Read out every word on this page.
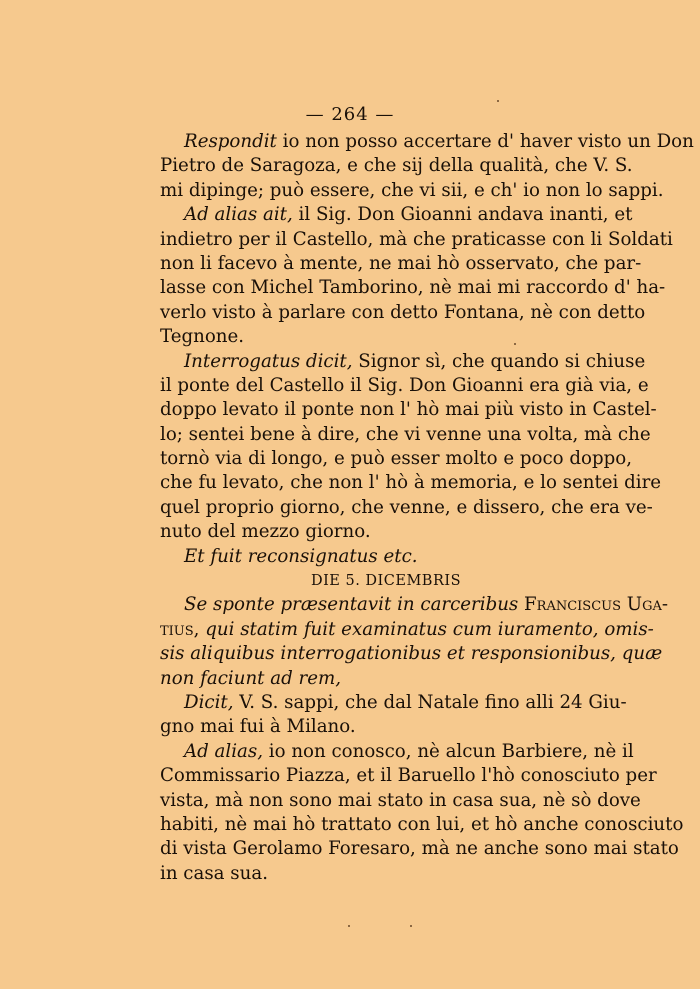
— 264 —
Respondit io non posso accertare d' haver visto un Don
Pietro de Saragoza, e che sij della qualità, che V. S.
mi dipinge; può essere, che vi sii, e ch' io non lo sappi.
Ad alias ait, il Sig. Don Gioanni andava inanti, et
indietro per il Castello, mà che praticasse con li Soldati
non li facevo à mente, ne mai hò osservato, che par-
lasse con Michel Tamborino, nè mai mi raccordo d' ha-
verlo visto à parlare con detto Fontana, nè con detto
Tegnone.
Interrogatus dicit, Signor sì, che quando si chiuse
il ponte del Castello il Sig. Don Gioanni era già via, e
doppo levato il ponte non l' hò mai più visto in Castel-
lo; sentei bene à dire, che vi venne una volta, mà che
tornò via di longo, e può esser molto e poco doppo,
che fu levato, che non l' hò à memoria, e lo sentei dire
quel proprio giorno, che venne, e dissero, che era ve-
nuto del mezzo giorno.
Et fuit reconsignatus etc.
DIE 5. DICEMBRIS
Se sponte præsentavit in carceribus Franciscus Uga-
tius, qui statim fuit examinatus cum iuramento, omis-
sis aliquibus interrogationibus et responsionibus, quæ
non faciunt ad rem,
Dicit, V. S. sappi, che dal Natale fino alli 24 Giu-
gno mai fui à Milano.
Ad alias, io non conosco, nè alcun Barbiere, nè il
Commissario Piazza, et il Baruello l'hò conosciuto per
vista, mà non sono mai stato in casa sua, nè sò dove
habiti, nè mai hò trattato con lui, et hò anche conosciuto
di vista Gerolamo Foresaro, mà ne anche sono mai stato
in casa sua.
